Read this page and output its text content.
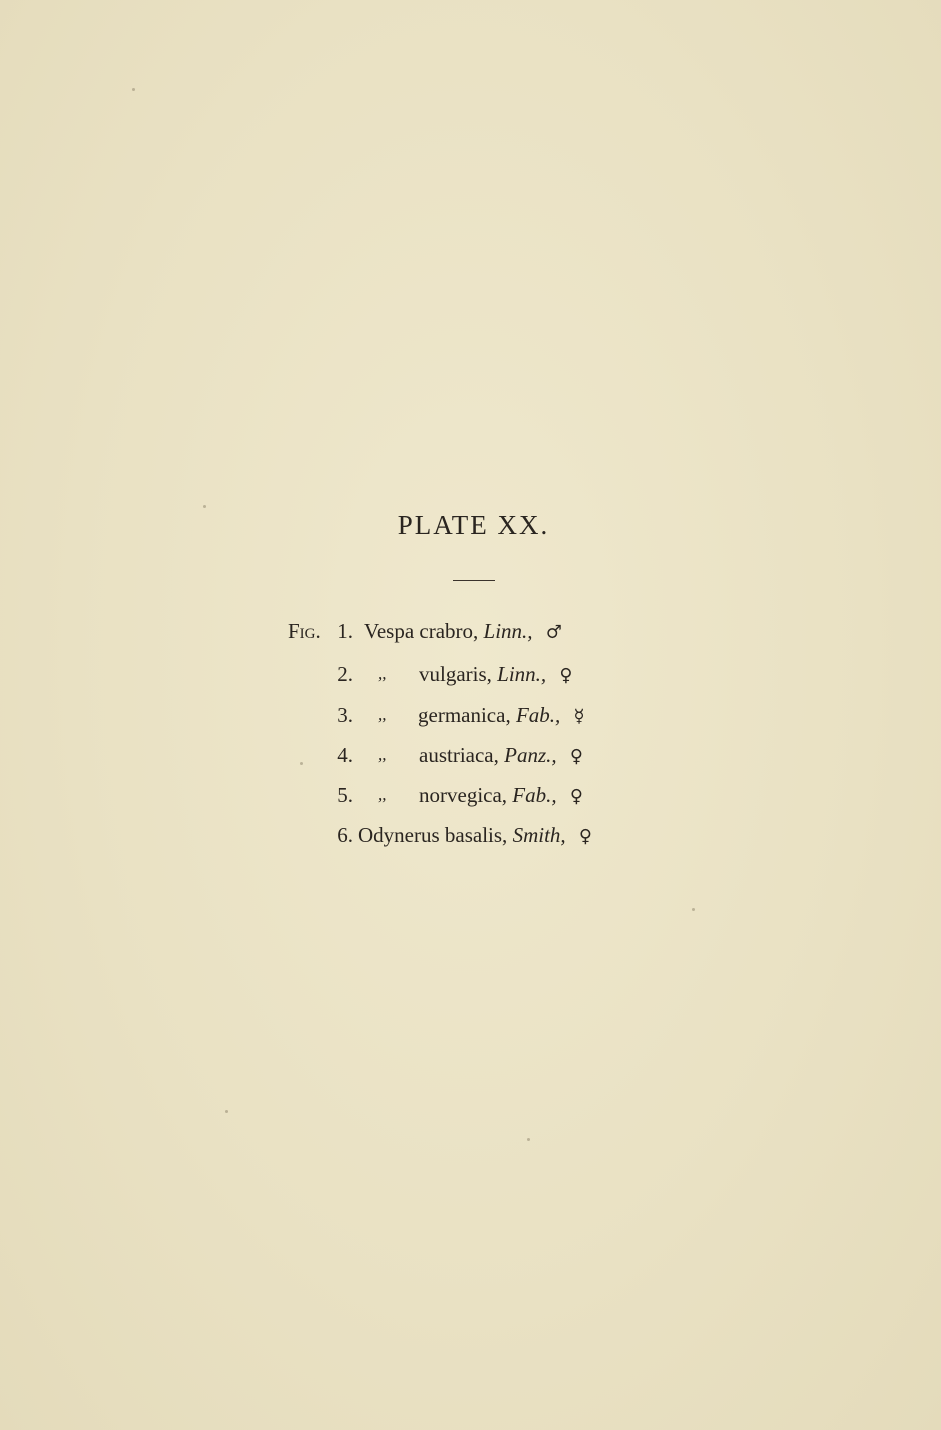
PLATE XX.
Fig. 1. Vespa crabro, Linn., ♂
2. ,, vulgaris, Linn., ♀
3. ,, germanica, Fab., ☿
4. ,, austriaca, Panz., ♀
5. ,, norvegica, Fab., ♀
6. Odynerus basalis, Smith, ♀
